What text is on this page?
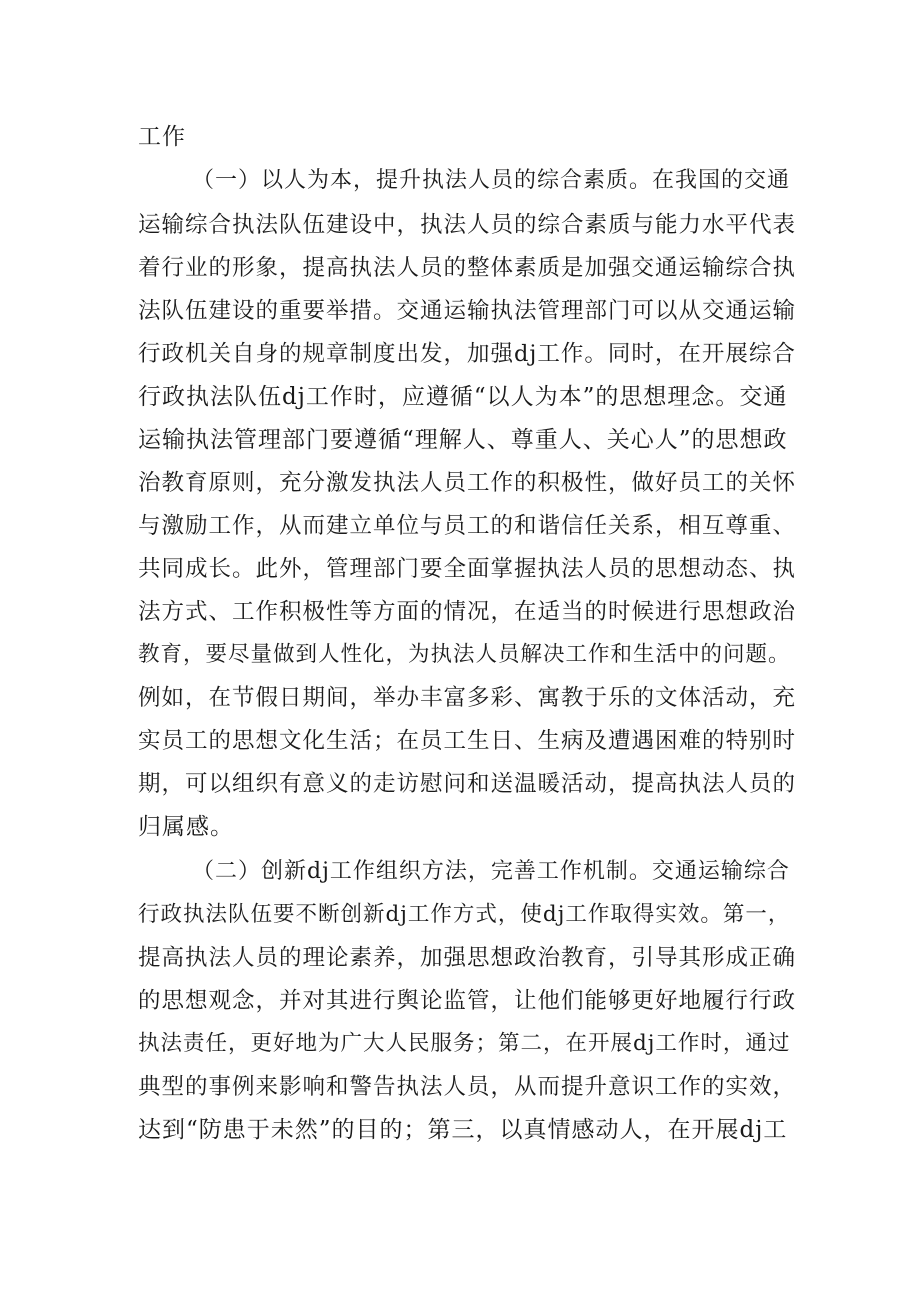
工作
（一）以人为本，提升执法人员的综合素质。在我国的交通
运输综合执法队伍建设中，执法人员的综合素质与能力水平代表
着行业的形象，提高执法人员的整体素质是加强交通运输综合执
法队伍建设的重要举措。交通运输执法管理部门可以从交通运输
行政机关自身的规章制度出发，加强dj工作。同时，在开展综合
行政执法队伍dj工作时，应遵循“以人为本”的思想理念。交通
运输执法管理部门要遵循“理解人、尊重人、关心人”的思想政
治教育原则，充分激发执法人员工作的积极性，做好员工的关怀
与激励工作，从而建立单位与员工的和谐信任关系，相互尊重、
共同成长。此外，管理部门要全面掌握执法人员的思想动态、执
法方式、工作积极性等方面的情况，在适当的时候进行思想政治
教育，要尽量做到人性化，为执法人员解决工作和生活中的问题。
例如，在节假日期间，举办丰富多彩、寓教于乐的文体活动，充
实员工的思想文化生活；在员工生日、生病及遭遇困难的特别时
期，可以组织有意义的走访慰问和送温暖活动，提高执法人员的
归属感。
（二）创新dj工作组织方法，完善工作机制。交通运输综合
行政执法队伍要不断创新dj工作方式，使dj工作取得实效。第一，
提高执法人员的理论素养，加强思想政治教育，引导其形成正确
的思想观念，并对其进行舆论监管，让他们能够更好地履行行政
执法责任，更好地为广大人民服务；第二，在开展dj工作时，通过
典型的事例来影响和警告执法人员，从而提升意识工作的实效，
达到“防患于未然”的目的；第三，以真情感动人，在开展dj工
